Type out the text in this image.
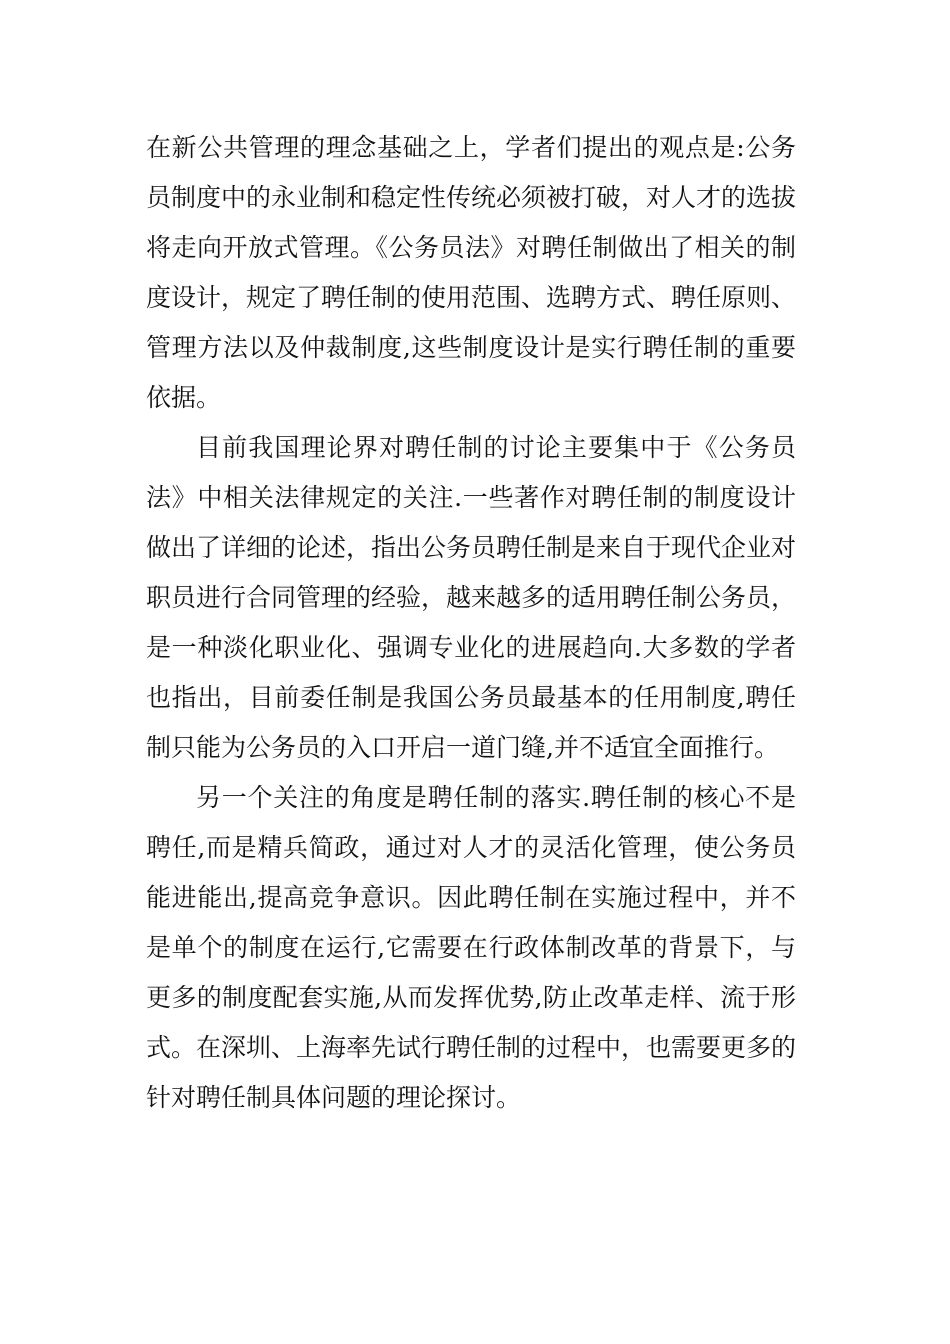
在新公共管理的理念基础之上，学者们提出的观点是:公务员制度中的永业制和稳定性传统必须被打破，对人才的选拔将走向开放式管理。《公务员法》对聘任制做出了相关的制度设计，规定了聘任制的使用范围、选聘方式、聘任原则、管理方法以及仲裁制度,这些制度设计是实行聘任制的重要依据。

目前我国理论界对聘任制的讨论主要集中于《公务员法》中相关法律规定的关注.一些著作对聘任制的制度设计做出了详细的论述，指出公务员聘任制是来自于现代企业对职员进行合同管理的经验，越来越多的适用聘任制公务员，是一种淡化职业化、强调专业化的进展趋向.大多数的学者也指出，目前委任制是我国公务员最基本的任用制度,聘任制只能为公务员的入口开启一道门缝,并不适宜全面推行。

另一个关注的角度是聘任制的落实.聘任制的核心不是聘任,而是精兵简政，通过对人才的灵活化管理，使公务员能进能出,提高竞争意识。因此聘任制在实施过程中，并不是单个的制度在运行,它需要在行政体制改革的背景下，与更多的制度配套实施,从而发挥优势,防止改革走样、流于形式。在深圳、上海率先试行聘任制的过程中，也需要更多的针对聘任制具体问题的理论探讨。
